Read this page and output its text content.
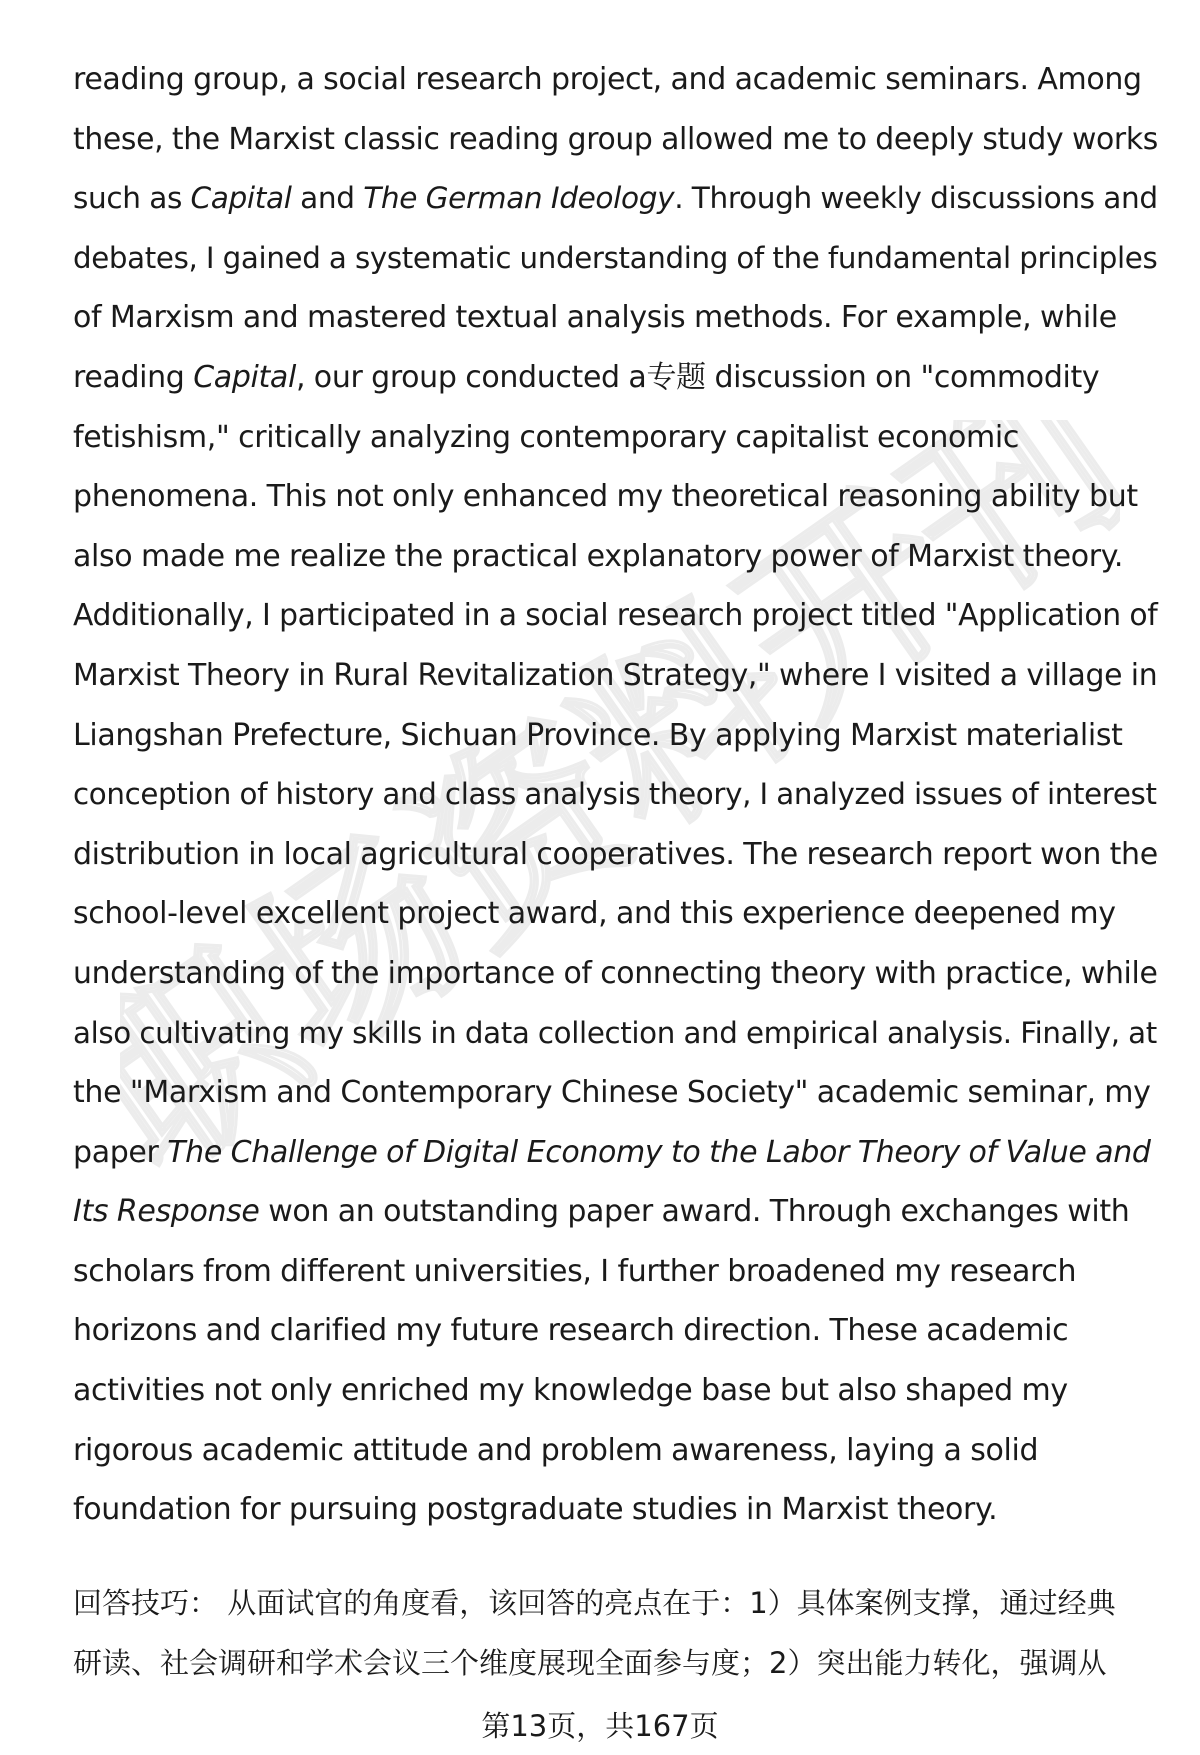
职场资料开刊
reading group, a social research project, and academic seminars. Among
these, the Marxist classic reading group allowed me to deeply study works
such as Capital and The German Ideology. Through weekly discussions and
debates, I gained a systematic understanding of the fundamental principles
of Marxism and mastered textual analysis methods. For example, while
reading Capital, our group conducted a专题 discussion on "commodity
fetishism," critically analyzing contemporary capitalist economic
phenomena. This not only enhanced my theoretical reasoning ability but
also made me realize the practical explanatory power of Marxist theory.
Additionally, I participated in a social research project titled "Application of
Marxist Theory in Rural Revitalization Strategy," where I visited a village in
Liangshan Prefecture, Sichuan Province. By applying Marxist materialist
conception of history and class analysis theory, I analyzed issues of interest
distribution in local agricultural cooperatives. The research report won the
school-level excellent project award, and this experience deepened my
understanding of the importance of connecting theory with practice, while
also cultivating my skills in data collection and empirical analysis. Finally, at
the "Marxism and Contemporary Chinese Society" academic seminar, my
paper The Challenge of Digital Economy to the Labor Theory of Value and
Its Response won an outstanding paper award. Through exchanges with
scholars from different universities, I further broadened my research
horizons and clarified my future research direction. These academic
activities not only enriched my knowledge base but also shaped my
rigorous academic attitude and problem awareness, laying a solid
foundation for pursuing postgraduate studies in Marxist theory.
回答技巧： 从面试官的角度看，该回答的亮点在于：1）具体案例支撑，通过经典
研读、社会调研和学术会议三个维度展现全面参与度；2）突出能力转化，强调从
第13页，共167页
